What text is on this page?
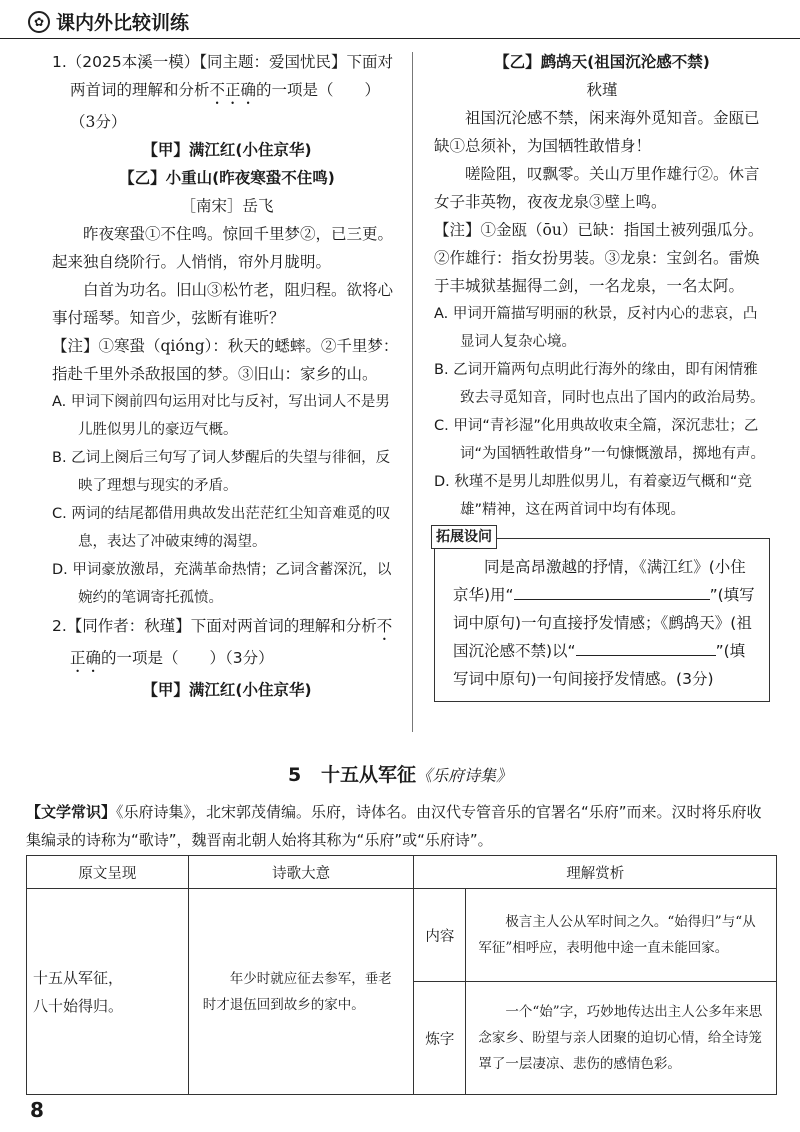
✿ 课内外比较训练

1.（2025本溪一模）【同主题：爱国忧民】下面对两首词的理解和分析不正确的一项是（　　）
（3分）

【甲】满江红(小住京华)

【乙】小重山(昨夜寒蛩不住鸣)

［南宋］岳飞

昨夜寒蛩①不住鸣。惊回千里梦②，已三更。起来独自绕阶行。人悄悄，帘外月胧明。

白首为功名。旧山③松竹老，阻归程。欲将心事付瑶琴。知音少，弦断有谁听？

【注】①寒蛩（qióng）：秋天的蟋蟀。②千里梦：指赴千里外杀敌报国的梦。③旧山：家乡的山。

A. 甲词下阕前四句运用对比与反衬，写出词人不是男儿胜似男儿的豪迈气概。

B. 乙词上阕后三句写了词人梦醒后的失望与徘徊，反映了理想与现实的矛盾。

C. 两词的结尾都借用典故发出茫茫红尘知音难觅的叹息，表达了冲破束缚的渴望。

D. 甲词豪放激昂，充满革命热情；乙词含蓄深沉，以婉约的笔调寄托孤愤。

2.【同作者：秋瑾】下面对两首词的理解和分析不正确的一项是（　　）（3分）

【甲】满江红(小住京华)

【乙】鹧鸪天(祖国沉沦感不禁)

秋瑾

祖国沉沦感不禁，闲来海外觅知音。金瓯已缺①总须补，为国牺牲敢惜身！

嗟险阻，叹飘零。关山万里作雄行②。休言女子非英物，夜夜龙泉③壁上鸣。

【注】①金瓯（ōu）已缺：指国土被列强瓜分。②作雄行：指女扮男装。③龙泉：宝剑名。雷焕于丰城狱基掘得二剑，一名龙泉，一名太阿。

A. 甲词开篇描写明丽的秋景，反衬内心的悲哀，凸显词人复杂心境。

B. 乙词开篇两句点明此行海外的缘由，即有闲情雅致去寻觅知音，同时也点出了国内的政治局势。

C. 甲词“青衫湿”化用典故收束全篇，深沉悲壮；乙词“为国牺牲敢惜身”一句慷慨激昂，掷地有声。

D. 秋瑾不是男儿却胜似男儿，有着豪迈气概和“竞雄”精神，这在两首词中均有体现。

拓展设问

同是高昂激越的抒情，《满江红》(小住京华)用“	”(填写词中原句)一句直接抒发情感；《鹧鸪天》(祖国沉沦感不禁)以“	”(填写词中原句)一句间接抒发情感。(3分)

5 十五从军征《乐府诗集》
【文学常识】《乐府诗集》，北宋郭茂倩编。乐府，诗体名。由汉代专管音乐的官署名“乐府”而来。汉时将乐府收集编录的诗称为“歌诗”，魏晋南北朝人始将其称为“乐府”或“乐府诗”。
原文呈现	诗歌大意	理解赏析	

十五从军征，
八十始得归。	年少时就应征去参军，垂老时才退伍回到故乡的家中。	内容	极言主人公从军时间之久。“始得归”与“从军征”相呼应，表明他中途一直未能回家。
		炼字	一个“始”字，巧妙地传达出主人公多年来思念家乡、盼望与亲人团聚的迫切心情，给全诗笼罩了一层凄凉、悲伤的感情色彩。
8
